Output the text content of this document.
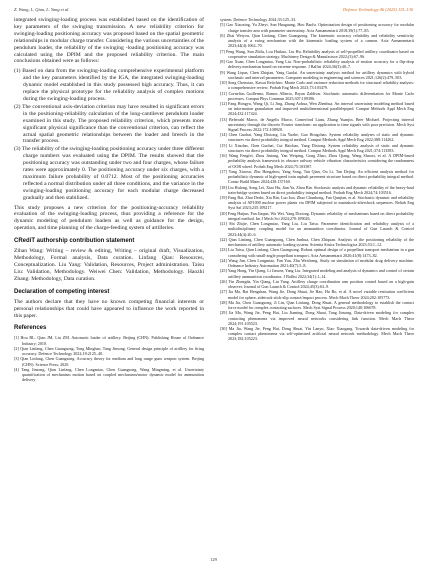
Z. Wang, L. Qian, L. Yang et al.	Defence Technology 46 (2025) 115–130

integrated swinging-loading process was established based on the identification of key parameters of the swinging transmission. A new reliability criterion for swinging-loading positioning accuracy was proposed based on the spatial geometric relationships in modular charge transfer. Considering the various uncertainties of the pendulum loader, the reliability of the swinging -loading positioning accuracy was calculated using the DPIM and the proposed reliability criterion. The main conclusions obtained were as follows:

(1) Based on data from the swinging-loading comprehensive experimental platform and the key parameters identified by the IGA, the integrated swinging-loading dynamic model established in this study possessed high accuracy. Thus, it can replace the physical prototype for the reliability analysis of complex motions during the swinging-loading process.
(2) The conventional axis-deviation criterion may have resulted in significant errors in the positioning-reliability calculation of the long-cantilever pendulum loader examined in this study. The proposed reliability criterion, which presents more significant physical significance than the conventional criterion, can reflect the actual spatial geometric relationships between the loader and breech in the transfer process.
(3) The reliability of the swinging-loading positioning accuracy under three different charge numbers was evaluated using the DPIM. The results showed that the positioning accuracy was outstanding under two and four charges, whose failure rates were approximately 0. The positioning accuracy under six charges, with a maximum failure probability of 0.0712. Most of the positioning accuracies reflected a normal distribution under all three conditions, and the variance in the swinging-loading positioning accuracy for each modular charge decreased gradually and then stabilized.

This study proposes a new criterion for the positioning-accuracy reliability evaluation of the swinging-loading process, thus providing a reference for the dynamic modeling of pendulum loaders as well as guidance for the design, operation, and time planning of the charge-feeding system of artilleries.

CRediT authorship contribution statement

Zihan Wang: Writing – review & editing, Writing – original draft, Visualization, Methodology, Formal analysis, Data curation. Linfang Qian: Resources, Conceptualization. Liu Yang: Validation, Resources, Project administration. Taisu Liu: Validation, Methodology. Weiwei Chen: Validation, Methodology. Haozhi Zhang: Methodology, Data curation.

Declaration of competing interest

The authors declare that they have no known competing financial interests or personal relationships that could have appeared to influence the work reported in this paper.

References
[1] Hou BL, Qian JM, Liu ZM. Automatic loader of artillery. Beijing (CHN): Publishing House of Ordnance Industry; 2010.
[2] Qian Linfang, Chen Guangsong, Tong Minghao, Tang Jinsong. General design principle of artillery for firing accuracy. Defence Technology 2022;18:2125–40.
[3] Qian Linfang, Chen Guangsong. Accuracy theory for medium and long range guns weapon system. Beijing (CHN): Science Press; 2020.
[4] Tang Jinsong, Qian Linfang, Chen Longmiao, Chen Guangsong, Wang Mingming, et al. Uncertainty quantification of mechanism motion based on coupled mechanism/motor dynamic model for ammunition delivery
system. Defence Technology 2024;33:125–33.
[5] Gao Xiaoxing, Yu Zheyi, Sun Huaguang, Hou Baolu. Optimization design of positioning accuracy for modular charge transfer arm with parameter uncertainty. Acta Armamentarii 2018;39(1):77–85.
[6] Zhai Weiyou, Qian Linfang, Chen Guangsong. The kinematic accuracy reliability and reliability sensitivity analysis of a swing mechanism with the kinematic loading system of a cannon. Acta Armamentarii 2023;44(4):1062–70.
[7] Peng Wang, Sun Zhilu, Lou Huikuo, Liu Hu. Reliability analysis of self-propelled artillery coordinator based on cooperative simulation strategy. Machinery Design & Manufacture 2022;(3):67–96.
[8] Gao Xuan, Chen Longmiao, Yang Liu. Non-probabilistic reliability analysis of motion accuracy for a flip-drop delivery mechanism based on extreme response. J Ballist 2024;36(3):40–7.
[9] Wang Liqun, Chen Zhiqian, Yang Guolai. An uncertainty analysis method for artillery dynamics with hybrid stochastic and interval parameters. Computer modeling in engineering and sciences 2021;126(2):479–503.
[10] Song Chenxiao, Kawai Reiichiro. Monte Carlo and variance reduction methods for structural reliability analysis: a comprehensive review. Probab Eng Mech 2023;73:103479.
[11] Cornelius Guillermo, Ramos Alberto, Bryan Zaldivar. Stochastic automatic differentiation for Monte Carlo processes. Comput Phys Commun 2025;307:109396.
[12] Fang Hongyu, Wang Qi, Li Jing, Zhang Aohua, Wen Zhenhua. An interval uncertainty modeling method based on information granulation and improved multidimensional parallelepiped. Comput Methods Appl Mech Eng 2024;432:117424.
[13] Belerrahi Marco, de Angelis Marco, Comerford Liam, Zhang Yuanjin, Beer Michael. Projecting interval uncertainty through the discrete Fourier transform: an application to time signals with poor precision. Mech Syst Signal Process 2022;172:108920.
[14] Chen Guohai, Yang Dixiong, Liu Yuzhe, Guo Hongchao. System reliability analyses of static and dynamic structures via direct probability integral method. Comput Methods Appl Mech Eng 2022;388:114262.
[15] Li Xiaolan, Chen Guohai, Cui Haichao, Yang Dixiong. System reliability analysis of static and dynamic structures via direct probability integral method. Comput Methods Appl Mech Eng 2021;374:113583.
[16] Wang Fengfei, Zhou Jintong, Yan Weiping, Gong Zhao, Zhou Qiang, Wang Shaoxi, et al. A DPIM-based probability analysis framework in obscure railway vehicle vibration characteristics considering the randomness of OOR wheel. Probab Eng Mech 2024;75:103587.
[17] Yang Xiaoxu, Zhu Hongzhou, Yang Song, Tan Qian, Ou Li, Tan Dejing. An efficient analysis method for probabilistic dynamic of high-speed train asphalt pavement structure based on direct probability integral method. Constr Build Mater 2024;438:137160.
[18] Liu Hulong, Song Lei, Xiao Hu, Jian Ya, Zhou Bin. Stochastic analysis and dynamic reliability of the heavy-haul train-bridge system based on direct probability integral method. Probab Eng Mech 2024;74:103516.
[19] Fang Bai, Zhai Deshi, Xia Bin, Luo Jun, Zhao Chunhong, Fan Qunjian, et al. Stochastic dynamic and reliability analysis of AP1000 nuclear power plants via DPIM subjected to mainshock-aftershock sequences. Reliab Eng Syst Saf 2023;235:109217.
[20] Feng Haijun, Fan Jiaqun, Wu Wei, Yang Dixiong. Dynamic reliability of mechanisms based on direct probability integral method. Int J Mech Sci 2024;270:109026.
[21] Shi Zhijie, Chen Longmiao, Yang Liu, Liu Taisu. Parameter identification and reliability analysis of a multidisciplinary coupling model for an ammunition coordinator. Journal of Gun Launch & Control 2023;44(4):20–6.
[22] Qian Linfang, Chen Guangsong, Chen Junhua, Chen Zhiquan. Analysis of the positioning reliability of the mechanism of artillery automatic loading system. Scientia Sinica Technologica 2023;53:1–12.
[23] Liu Taisu, Qian Linfang, Chen Guangsong. Robust optimal design of a propellant transport mechanism in a gun considering with small-angle propellant transport. Acta Armamentarii 2020;41(8):1473–82.
[24] Wang Jun, Chen Longmiao, Fan Yun, Zhu Weicheng. Study on simulation of modular drug delivery machine. Ordnance Industry Automation 2021;40(7):5–8.
[25] Yang Hong, Yin Qiang, Li Jiawen, Yang Liu. Integrated modeling and analysis of dynamics and control of certain artillery ammunition coordinator. J Ballist 2022;34(1):1–14.
[26] Yin Zhengda, Yin Qiang, Liu Yang. Artillery charge coordination arm position control based on a high-gain observer. Journal of Gun Launch & Control 2024;45(3):63–9.
[27] Jia Ma, Bai Hengshan, Wang Jie, Dong Shuai, Jie Hao, Hu Bo, et al. A novel variable restitution coefficient model for sphere–sidetrack stick-slip contact/impact process. Mech Mach Theor 2024;202:105773.
[28] Ma Jia, Chen Guangsong, Ji Lin, Qian Linfang, Dong Shuai. A general methodology to establish the contact force model for complex contacting surfaces. Mech Syst Signal Process 2020;140:106678.
[29] Jia Ma, Wang Jie, Peng Hui, Liu Jiaming, Dong Shuai, Tang Jinsong. Data-driven modeling for complex contacting phenomena via improved neural networks considering link function. Mech Mach Theor 2024;191:105523.
[30] Ma Jia, Wang Jie, Peng Hui, Dong Shuai, Yin Lanyu, Xiao Xiaogang. Towards data-driven modeling for complex contact phenomena via self-optimized artificial neural network methodology. Mech Mach Theor 2023;182:105223.
129
